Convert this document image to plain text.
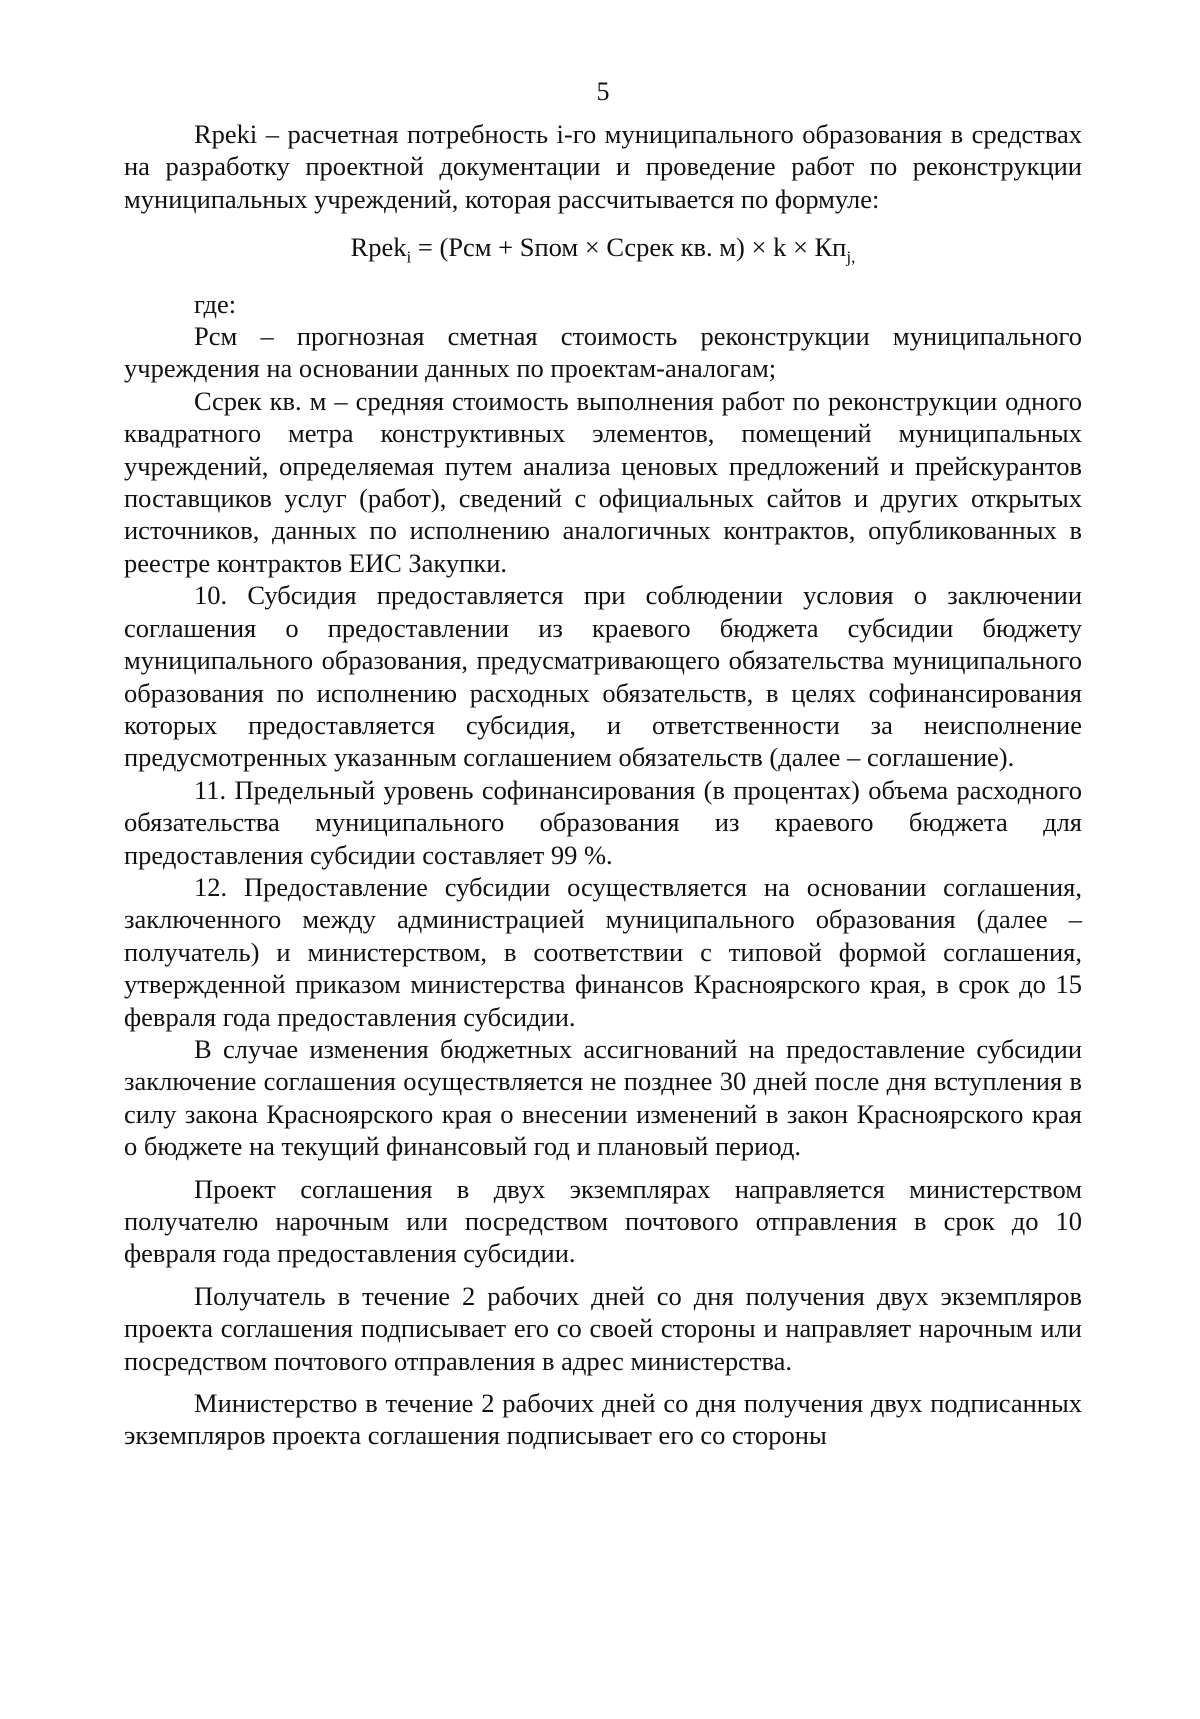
5

Rpekі – расчетная потребность і-го муниципального образования в средствах на разработку проектной документации и проведение работ по реконструкции муниципальных учреждений, которая рассчитывается по формуле:

Rpek$_i$ = (Рсм + Sпом × Ссрек кв. $м) \times k \times Кп_{j,}$

где:

Рсм – прогнозная сметная стоимость реконструкции муниципального учреждения на основании данных по проектам-аналогам;

Ссрек кв. м – средняя стоимость выполнения работ по реконструкции одного квадратного метра конструктивных элементов, помещений муниципальных учреждений, определяемая путем анализа ценовых предложений и прейскурантов поставщиков услуг (работ), сведений с официальных сайтов и других открытых источников, данных по исполнению аналогичных контрактов, опубликованных в реестре контрактов ЕИС Закупки.

10. Субсидия предоставляется при соблюдении условия о заключении соглашения о предоставлении из краевого бюджета субсидии бюджету муниципального образования, предусматривающего обязательства муниципального образования по исполнению расходных обязательств, в целях софинансирования которых предоставляется субсидия, и ответственности за неисполнение предусмотренных указанным соглашением обязательств (далее – соглашение).

11. Предельный уровень софинансирования (в процентах) объема расходного обязательства муниципального образования из краевого бюджета для предоставления субсидии составляет 99 %.

12. Предоставление субсидии осуществляется на основании соглашения, заключенного между администрацией муниципального образования (далее – получатель) и министерством, в соответствии с типовой формой соглашения, утвержденной приказом министерства финансов Красноярского края, в срок до 15 февраля года предоставления субсидии.

В случае изменения бюджетных ассигнований на предоставление субсидии заключение соглашения осуществляется не позднее 30 дней после дня вступления в силу закона Красноярского края о внесении изменений в закон Красноярского края о бюджете на текущий финансовый год и плановый период.

Проект соглашения в двух экземплярах направляется министерством получателю нарочным или посредством почтового отправления в срок до 10 февраля года предоставления субсидии.

Получатель в течение 2 рабочих дней со дня получения двух экземпляров проекта соглашения подписывает его со своей стороны и направляет нарочным или посредством почтового отправления в адрес министерства.

Министерство в течение 2 рабочих дней со дня получения двух подписанных экземпляров проекта соглашения подписывает его со стороны
